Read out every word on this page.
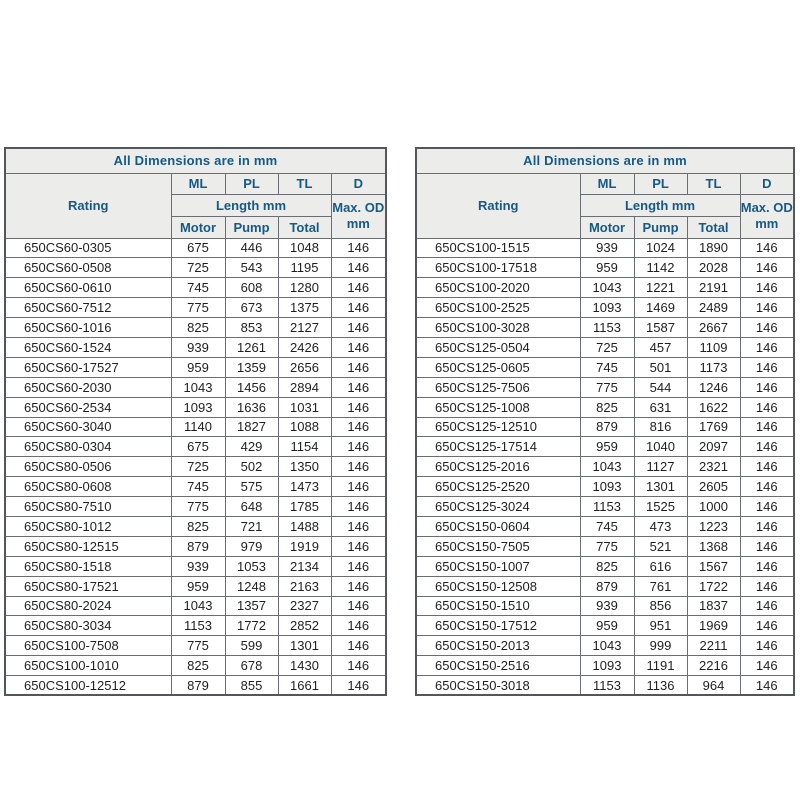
All Dimensions are in mm				
Rating	ML	PL	TL	D
	Length mm			Max. OD
mm
	Motor	Pump	Total	
650CS60-0305	675	446	1048	146
650CS60-0508	725	543	1195	146
650CS60-0610	745	608	1280	146
650CS60-7512	775	673	1375	146
650CS60-1016	825	853	2127	146
650CS60-1524	939	1261	2426	146
650CS60-17527	959	1359	2656	146
650CS60-2030	1043	1456	2894	146
650CS60-2534	1093	1636	1031	146
650CS60-3040	1140	1827	1088	146
650CS80-0304	675	429	1154	146
650CS80-0506	725	502	1350	146
650CS80-0608	745	575	1473	146
650CS80-7510	775	648	1785	146
650CS80-1012	825	721	1488	146
650CS80-12515	879	979	1919	146
650CS80-1518	939	1053	2134	146
650CS80-17521	959	1248	2163	146
650CS80-2024	1043	1357	2327	146
650CS80-3034	1153	1772	2852	146
650CS100-7508	775	599	1301	146
650CS100-1010	825	678	1430	146
650CS100-12512	879	855	1661	146
All Dimensions are in mm				
Rating	ML	PL	TL	D
	Length mm			Max. OD
mm
	Motor	Pump	Total	
650CS100-1515	939	1024	1890	146
650CS100-17518	959	1142	2028	146
650CS100-2020	1043	1221	2191	146
650CS100-2525	1093	1469	2489	146
650CS100-3028	1153	1587	2667	146
650CS125-0504	725	457	1109	146
650CS125-0605	745	501	1173	146
650CS125-7506	775	544	1246	146
650CS125-1008	825	631	1622	146
650CS125-12510	879	816	1769	146
650CS125-17514	959	1040	2097	146
650CS125-2016	1043	1127	2321	146
650CS125-2520	1093	1301	2605	146
650CS125-3024	1153	1525	1000	146
650CS150-0604	745	473	1223	146
650CS150-7505	775	521	1368	146
650CS150-1007	825	616	1567	146
650CS150-12508	879	761	1722	146
650CS150-1510	939	856	1837	146
650CS150-17512	959	951	1969	146
650CS150-2013	1043	999	2211	146
650CS150-2516	1093	1191	2216	146
650CS150-3018	1153	1136	964	146
